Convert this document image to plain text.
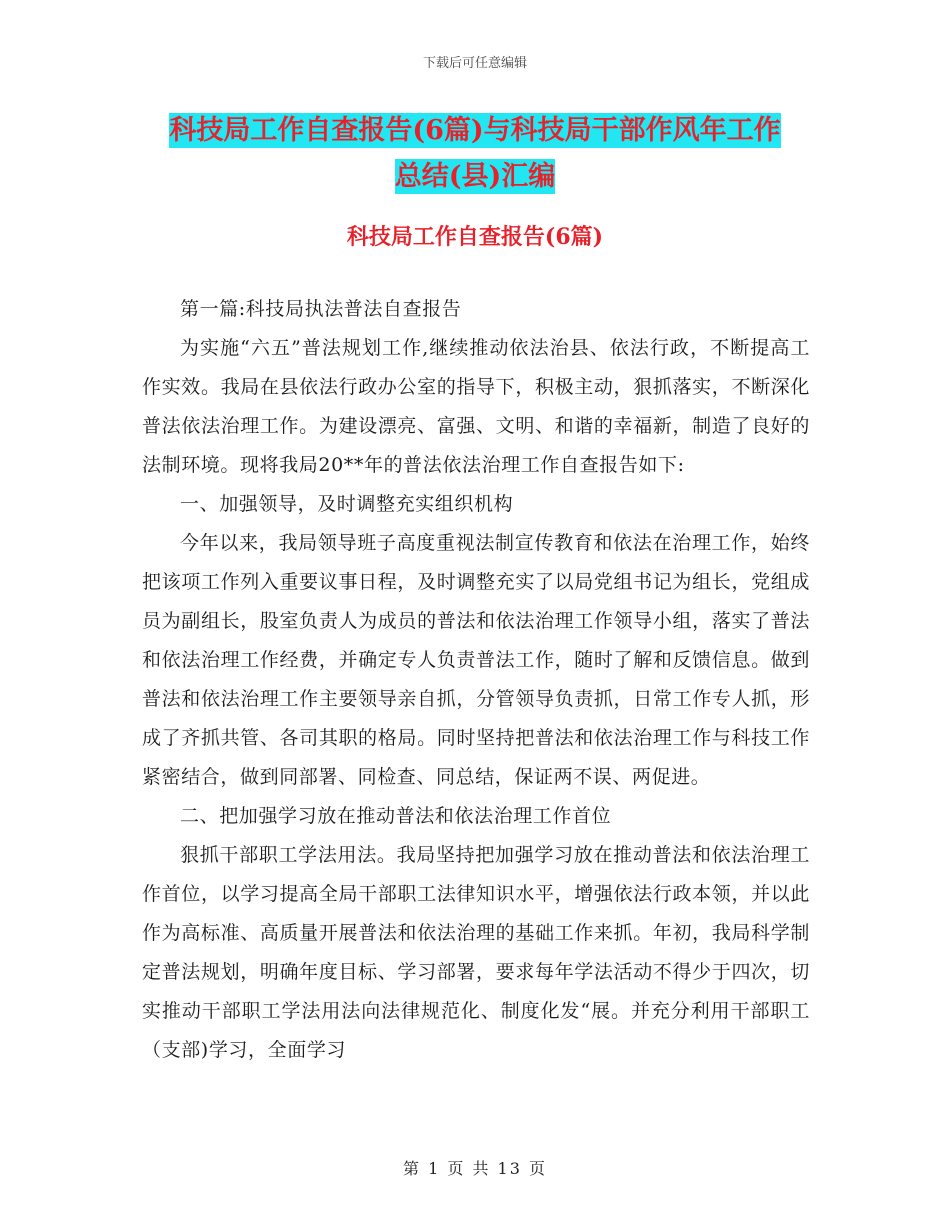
下载后可任意编辑
科技局工作自查报告(6篇)与科技局干部作风年工作
总结(县)汇编
科技局工作自查报告(6篇)

第一篇:科技局执法普法自查报告

为实施“六五”普法规划工作,继续推动依法治县、依法行政，不断提高工作实效。我局在县依法行政办公室的指导下，积极主动，狠抓落实，不断深化普法依法治理工作。为建设漂亮、富强、文明、和谐的幸福新，制造了良好的法制环境。现将我局20**年的普法依法治理工作自查报告如下:

一、加强领导，及时调整充实组织机构

今年以来，我局领导班子高度重视法制宣传教育和依法在治理工作，始终把该项工作列入重要议事日程，及时调整充实了以局党组书记为组长，党组成员为副组长，股室负责人为成员的普法和依法治理工作领导小组，落实了普法和依法治理工作经费，并确定专人负责普法工作，随时了解和反馈信息。做到普法和依法治理工作主要领导亲自抓，分管领导负责抓，日常工作专人抓，形成了齐抓共管、各司其职的格局。同时坚持把普法和依法治理工作与科技工作紧密结合，做到同部署、同检查、同总结，保证两不误、两促进。

二、把加强学习放在推动普法和依法治理工作首位

狠抓干部职工学法用法。我局坚持把加强学习放在推动普法和依法治理工作首位，以学习提高全局干部职工法律知识水平，增强依法行政本领，并以此作为高标准、高质量开展普法和依法治理的基础工作来抓。年初，我局科学制定普法规划，明确年度目标、学习部署，要求每年学法活动不得少于四次，切实推动干部职工学法用法向法律规范化、制度化发“展。并充分利用干部职工（支部)学习，全面学习

第 1 页 共 13 页
